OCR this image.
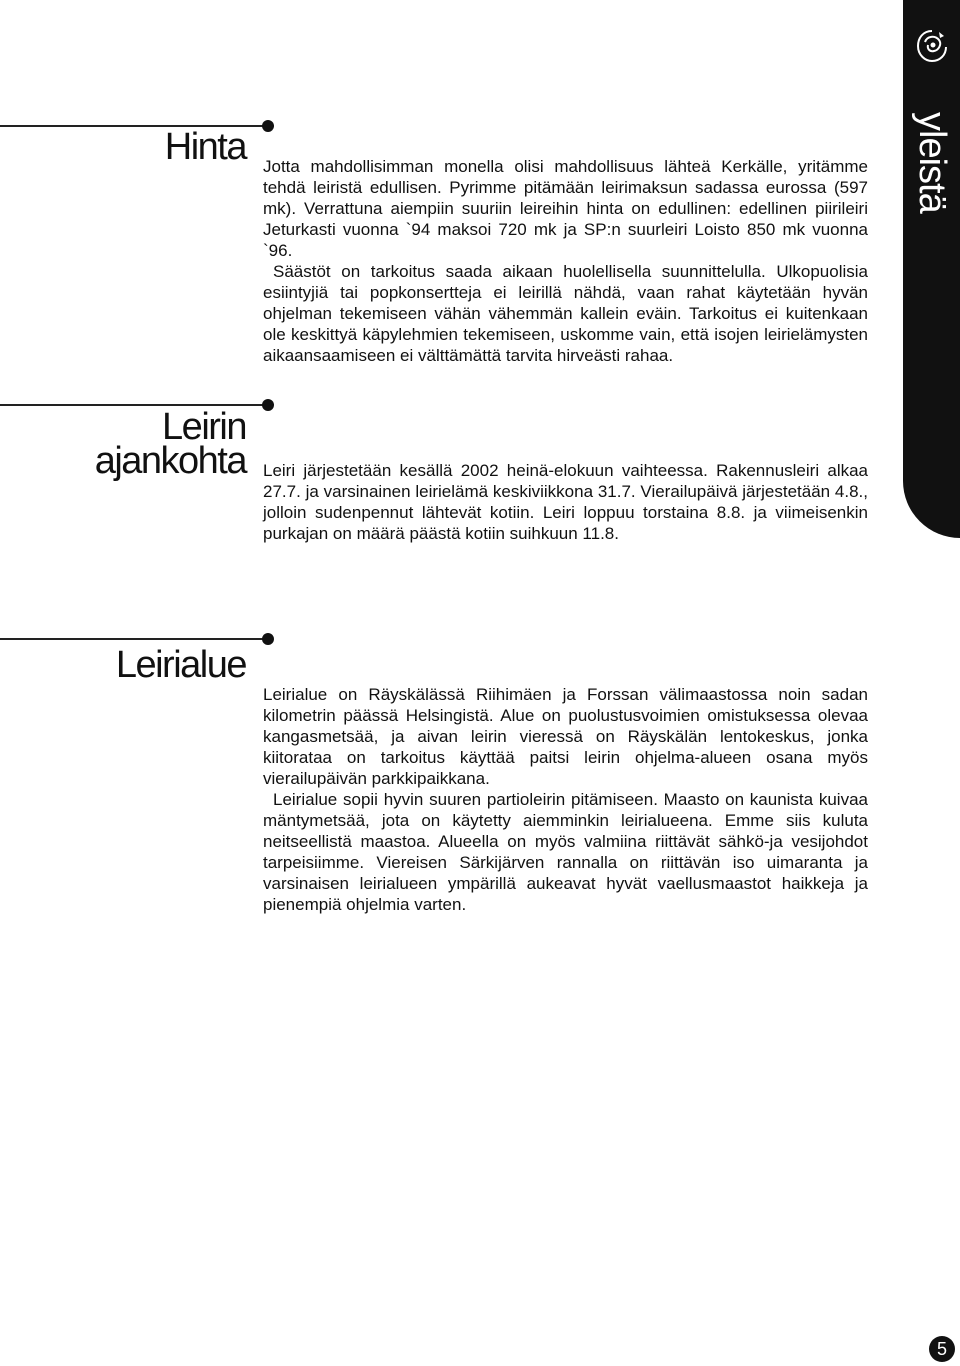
yleistä
Hinta Jotta mahdollisimman monella olisi mahdollisuus lähteä Kerkälle, yritämme tehdä leiristä edullisen. Pyrimme pitämään leirimaksun sadassa eurossa (597 mk). Verrattuna aiempiin suuriin leireihin hinta on edullinen: edellinen piirileiri Jeturkasti vuonna `94 maksoi 720 mk ja SP:n suurleiri Loisto 850 mk vuonna `96.

Säästöt on tarkoitus saada aikaan huolellisella suunnittelulla. Ulkopuolisia esiintyjiä tai popkonsertteja ei leirillä nähdä, vaan rahat käytetään hyvän ohjelman tekemiseen vähän vähemmän kallein eväin. Tarkoitus ei kuitenkaan ole keskittyä käpylehmien tekemiseen, uskomme vain, että isojen leirielämysten aikaansaamiseen ei välttämättä tarvita hirveästi rahaa.

Leirin
ajankohta Leiri järjestetään kesällä 2002 heinä-elokuun vaihteessa. Rakennusleiri alkaa 27.7. ja varsinainen leirielämä keskiviikkona 31.7. Vierailupäivä järjestetään 4.8., jolloin sudenpennut lähtevät kotiin. Leiri loppuu torstaina 8.8. ja viimeisenkin purkajan on määrä päästä kotiin suihkuun 11.8.

Leirialue

Leirialue on Räyskälässä Riihimäen ja Forssan välimaastossa noin sadan kilometrin päässä Helsingistä. Alue on puolustusvoimien omistuksessa olevaa kangasmetsää, ja aivan leirin vieressä on Räyskälän lentokeskus, jonka kiitorataa on tarkoitus käyttää paitsi leirin ohjelma-alueen osana myös vierailupäivän parkkipaikkana.

Leirialue sopii hyvin suuren partioleirin pitämiseen. Maasto on kaunista kuivaa mäntymetsää, jota on käytetty aiemminkin leirialueena. Emme siis kuluta neitseellistä maastoa. Alueella on myös valmiina riittävät sähkö-ja vesijohdot tarpeisiimme. Viereisen Särkijärven rannalla on riittävän iso uimaranta ja varsinaisen leirialueen ympärillä aukeavat hyvät vaellusmaastot haikkeja ja pienempiä ohjelmia varten.

5
